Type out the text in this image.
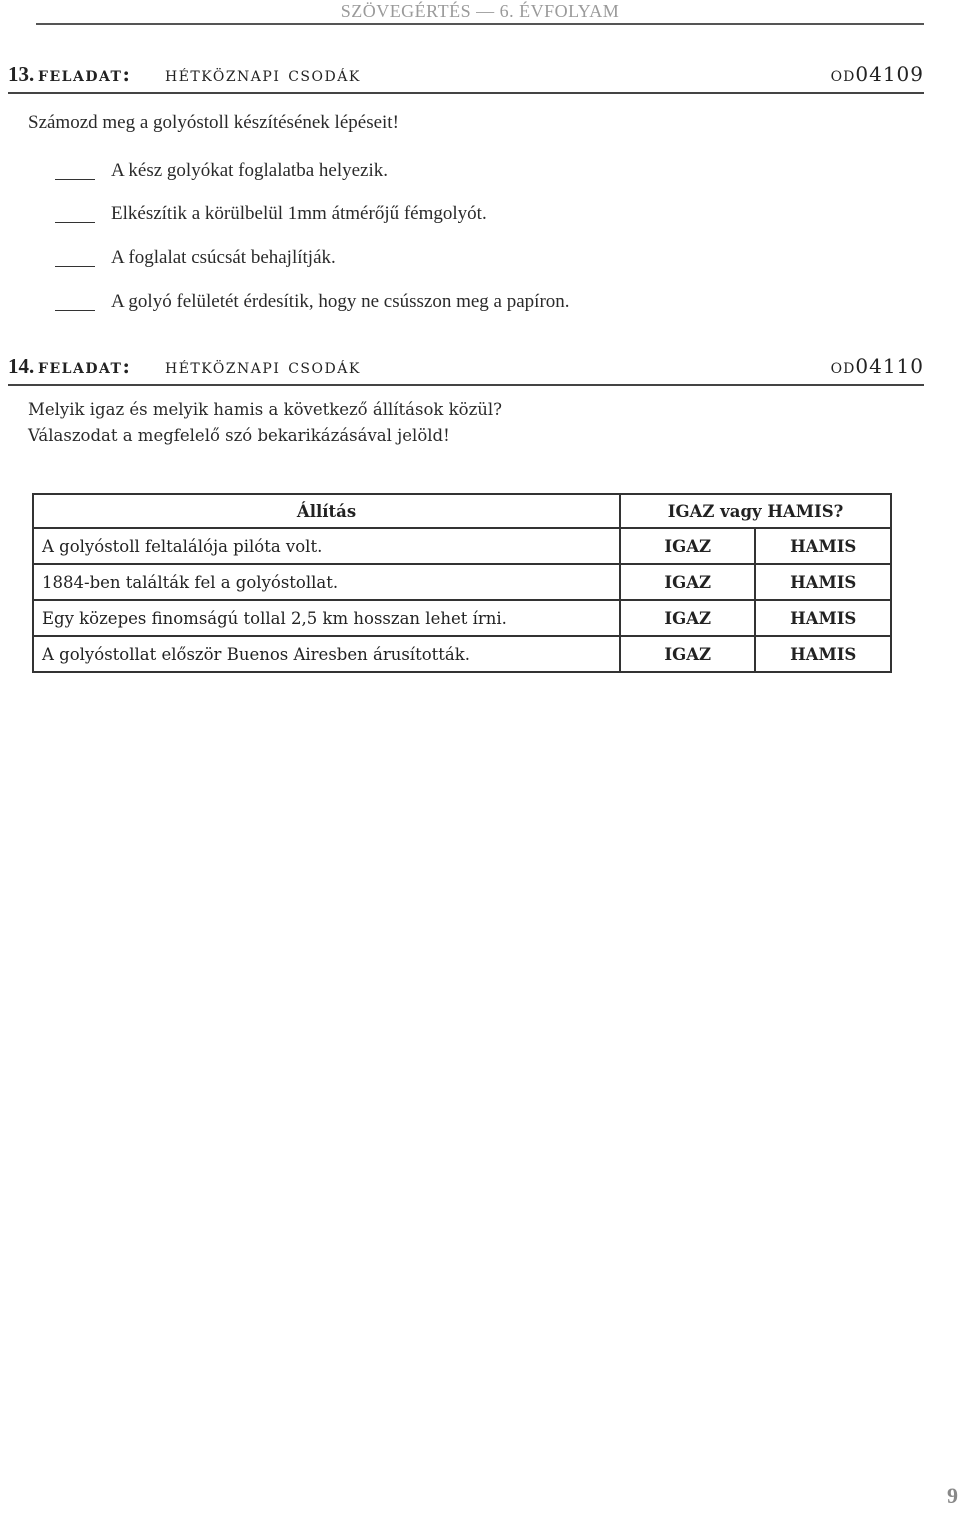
SZÖVEGÉRTÉS — 6. ÉVFOLYAM
13. feladat: hétköznapi csodák	od04109
Számozd meg a golyóstoll készítésének lépéseit!
A kész golyókat foglalatba helyezik.
Elkészítik a körülbelül 1mm átmérőjű fémgolyót.
A foglalat csúcsát behajlítják.
A golyó felületét érdesítik, hogy ne csússzon meg a papíron.
14. feladat: hétköznapi csodák	od04110
Melyik igaz és melyik hamis a következő állítások közül?
Válaszodat a megfelelő szó bekarikázásával jelöld!
Állítás	IGAZ vagy HAMIS?	
A golyóstoll feltalálója pilóta volt.	IGAZ	HAMIS
1884-ben találták fel a golyóstollat.	IGAZ	HAMIS
Egy közepes finomságú tollal 2,5 km hosszan lehet írni.	IGAZ	HAMIS
A golyóstollat először Buenos Airesben árusították.	IGAZ	HAMIS
9
